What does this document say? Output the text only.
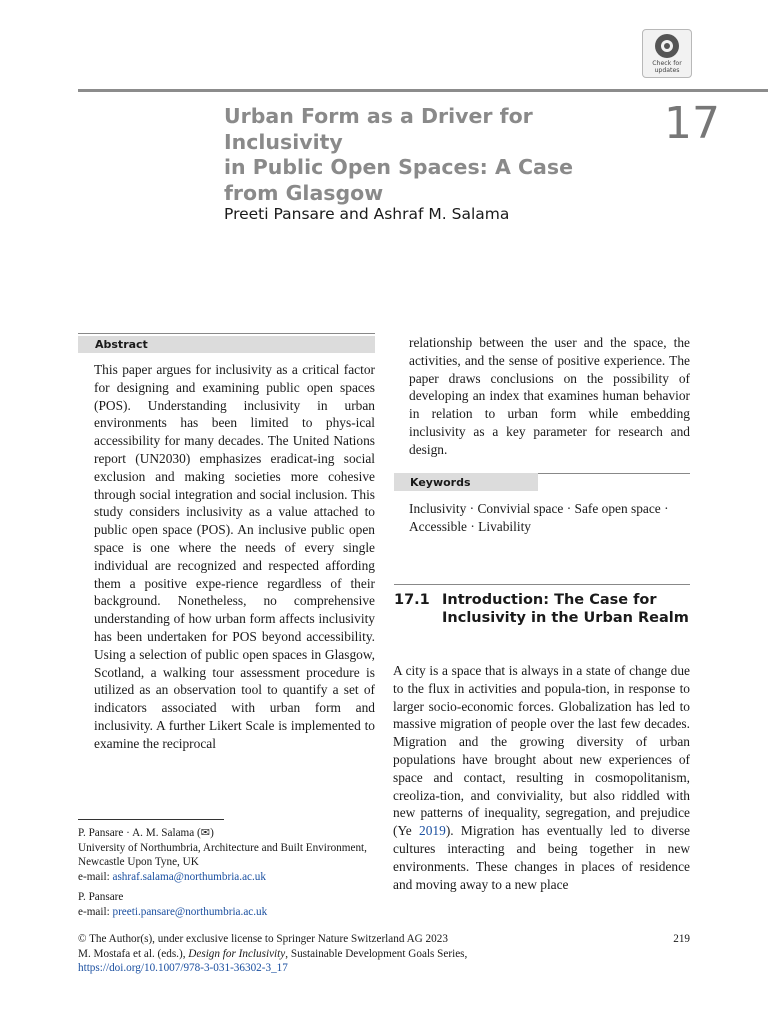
Check for
updates
Urban Form as a Driver for Inclusivity
in Public Open Spaces: A Case
from Glasgow
17
Preeti Pansare and Ashraf M. Salama
Abstract

This paper argues for inclusivity as a critical factor for designing and examining public open spaces (POS). Understanding inclusivity in urban environments has been limited to phys-ical accessibility for many decades. The United Nations report (UN2030) emphasizes eradicat-ing social exclusion and making societies more cohesive through social integration and social inclusion. This study considers inclusivity as a value attached to public open space (POS). An inclusive public open space is one where the needs of every single individual are recognized and respected affording them a positive expe-rience regardless of their background. Nonetheless, no comprehensive understanding of how urban form affects inclusivity has been undertaken for POS beyond accessibility. Using a selection of public open spaces in Glasgow, Scotland, a walking tour assessment procedure is utilized as an observation tool to quantify a set of indicators associated with urban form and inclusivity. A further Likert Scale is implemented to examine the reciprocal

relationship between the user and the space, the activities, and the sense of positive experience. The paper draws conclusions on the possibility of developing an index that examines human behavior in relation to urban form while embedding inclusivity as a key parameter for research and design.

Keywords

Inclusivity · Convivial space · Safe open space · Accessible · Livability

17.1 Introduction: The Case for Inclusivity in the Urban Realm

A city is a space that is always in a state of change due to the flux in activities and popula-tion, in response to larger socio-economic forces. Globalization has led to massive migration of people over the last few decades. Migration and the growing diversity of urban populations have brought about new experiences of space and contact, resulting in cosmopolitanism, creoliza-tion, and conviviality, but also riddled with new patterns of inequality, segregation, and prejudice (Ye 2019). Migration has eventually led to diverse cultures interacting and being together in new environments. These changes in places of residence and moving away to a new place

P. Pansare · A. M. Salama (✉)
University of Northumbria, Architecture and Built Environment, Newcastle Upon Tyne, UK
e-mail: ashraf.salama@northumbria.ac.uk

P. Pansare
e-mail: preeti.pansare@northumbria.ac.uk

© The Author(s), under exclusive license to Springer Nature Switzerland AG 2023
M. Mostafa et al. (eds.), Design for Inclusivity, Sustainable Development Goals Series,
https://doi.org/10.1007/978-3-031-36302-3_17

219
